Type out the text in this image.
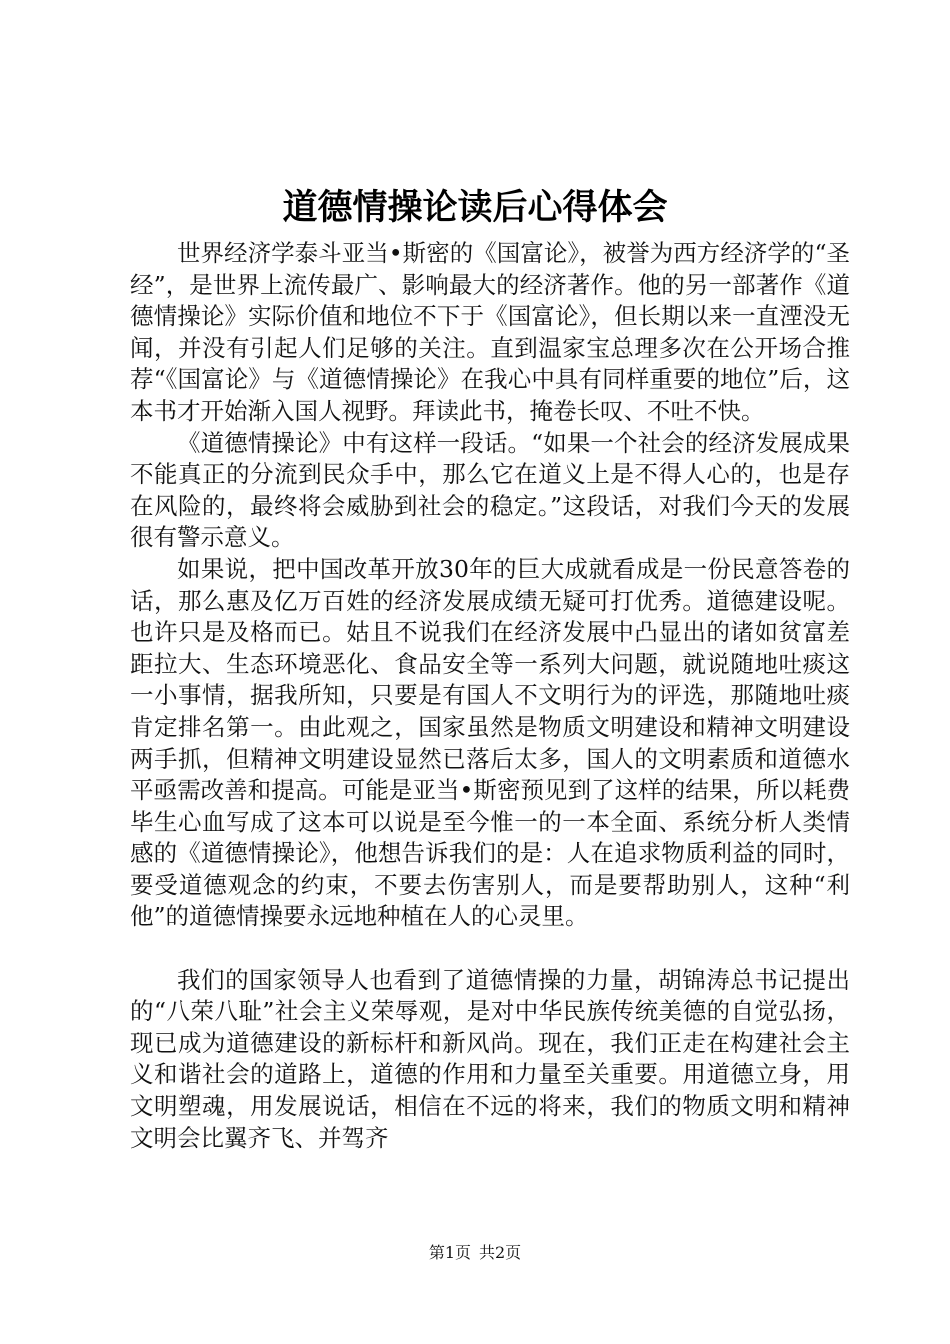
道德情操论读后心得体会

世界经济学泰斗亚当•斯密的《国富论》，被誉为西方经济学的“圣经”，是世界上流传最广、影响最大的经济著作。他的另一部著作《道德情操论》实际价值和地位不下于《国富论》，但长期以来一直湮没无闻，并没有引起人们足够的关注。直到温家宝总理多次在公开场合推荐“《国富论》与《道德情操论》在我心中具有同样重要的地位”后，这本书才开始渐入国人视野。拜读此书，掩卷长叹、不吐不快。

《道德情操论》中有这样一段话。“如果一个社会的经济发展成果不能真正的分流到民众手中，那么它在道义上是不得人心的，也是存在风险的，最终将会威胁到社会的稳定。”这段话，对我们今天的发展很有警示意义。

如果说，把中国改革开放30年的巨大成就看成是一份民意答卷的话，那么惠及亿万百姓的经济发展成绩无疑可打优秀。道德建设呢。也许只是及格而已。姑且不说我们在经济发展中凸显出的诸如贫富差距拉大、生态环境恶化、食品安全等一系列大问题，就说随地吐痰这一小事情，据我所知，只要是有国人不文明行为的评选，那随地吐痰肯定排名第一。由此观之，国家虽然是物质文明建设和精神文明建设两手抓，但精神文明建设显然已落后太多，国人的文明素质和道德水平亟需改善和提高。可能是亚当•斯密预见到了这样的结果，所以耗费毕生心血写成了这本可以说是至今惟一的一本全面、系统分析人类情感的《道德情操论》，他想告诉我们的是：人在追求物质利益的同时，要受道德观念的约束，不要去伤害别人，而是要帮助别人，这种“利他”的道德情操要永远地种植在人的心灵里。

我们的国家领导人也看到了道德情操的力量，胡锦涛总书记提出的“八荣八耻”社会主义荣辱观，是对中华民族传统美德的自觉弘扬，现已成为道德建设的新标杆和新风尚。现在，我们正走在构建社会主义和谐社会的道路上，道德的作用和力量至关重要。用道德立身，用文明塑魂，用发展说话，相信在不远的将来，我们的物质文明和精神文明会比翼齐飞、并驾齐

第1页 共2页
